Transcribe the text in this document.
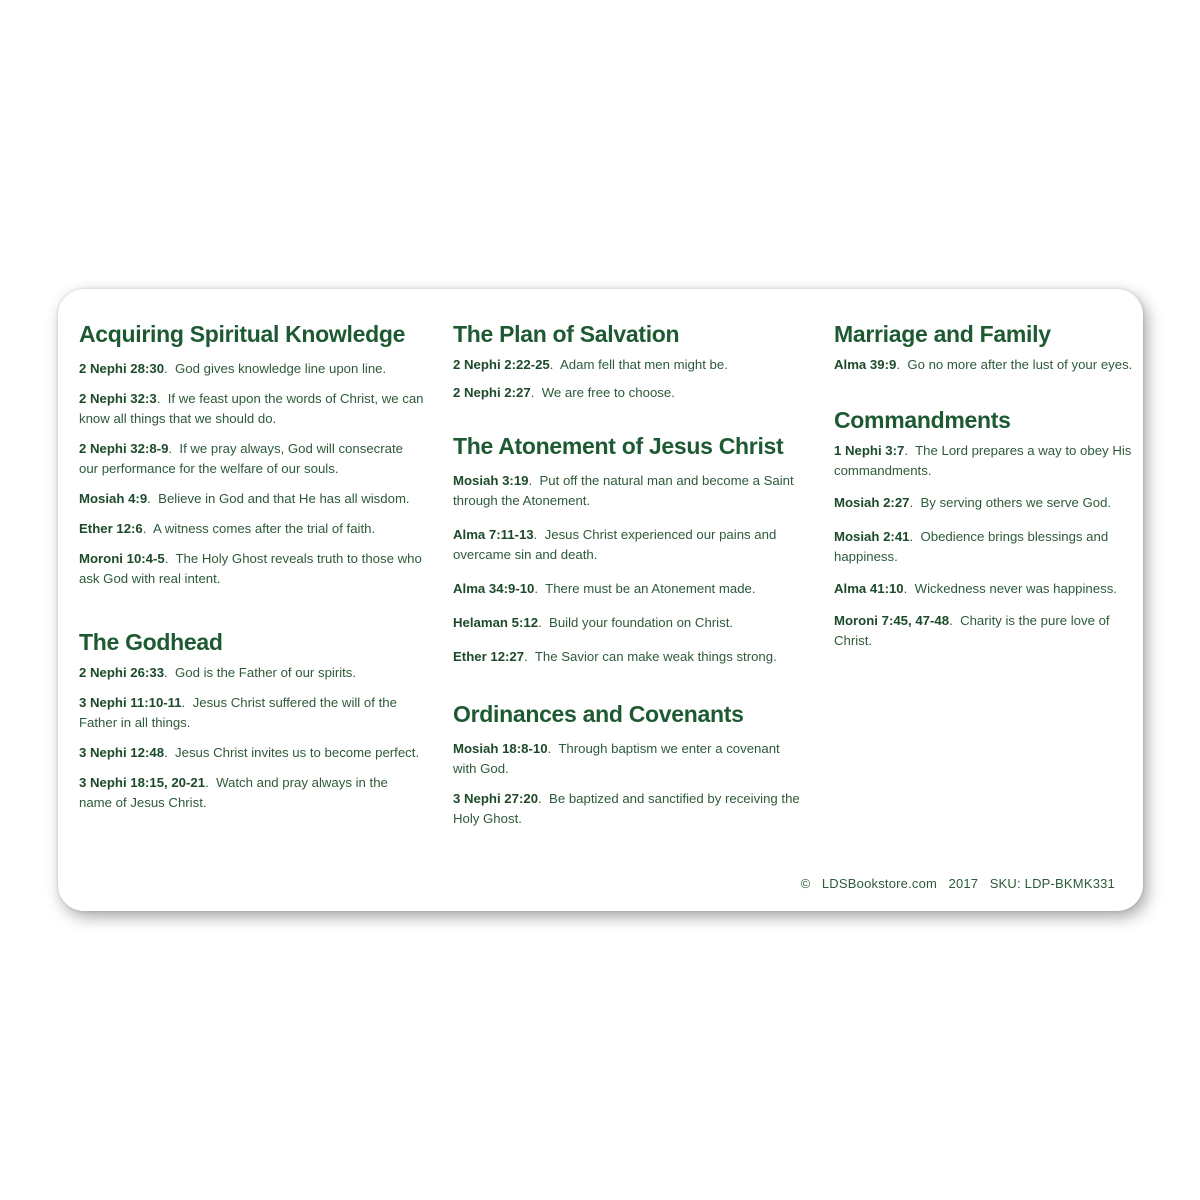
Acquiring Spiritual Knowledge
2 Nephi 28:30.  God gives knowledge line upon line.
2 Nephi 32:3.  If we feast upon the words of Christ, we can know all things that we should do.
2 Nephi 32:8-9.  If we pray always, God will consecrate our performance for the welfare of our souls.
Mosiah 4:9.  Believe in God and that He has all wisdom.
Ether 12:6.  A witness comes after the trial of faith.
Moroni 10:4-5.  The Holy Ghost reveals truth to those who ask God with real intent.
The Godhead
2 Nephi 26:33.  God is the Father of our spirits.
3 Nephi 11:10-11.  Jesus Christ suffered the will of the Father in all things.
3 Nephi 12:48.  Jesus Christ invites us to become perfect.
3 Nephi 18:15, 20-21.  Watch and pray always in the name of Jesus Christ.
The Plan of Salvation
2 Nephi 2:22-25.  Adam fell that men might be.
2 Nephi 2:27.  We are free to choose.
The Atonement of Jesus Christ
Mosiah 3:19.  Put off the natural man and become a Saint through the Atonement.
Alma 7:11-13.  Jesus Christ experienced our pains and overcame sin and death.
Alma 34:9-10.  There must be an Atonement made.
Helaman 5:12.  Build your foundation on Christ.
Ether 12:27.  The Savior can make weak things strong.
Ordinances and Covenants
Mosiah 18:8-10.  Through baptism we enter a covenant with God.
3 Nephi 27:20.  Be baptized and sanctified by receiving the Holy Ghost.
Marriage and Family
Alma 39:9.  Go no more after the lust of your eyes.
Commandments
1 Nephi 3:7.  The Lord prepares a way to obey His commandments.
Mosiah 2:27.  By serving others we serve God.
Mosiah 2:41.  Obedience brings blessings and happiness.
Alma 41:10.  Wickedness never was happiness.
Moroni 7:45, 47-48.  Charity is the pure love of Christ.
© LDSBookstore.com 2017 SKU: LDP-BKMK331
